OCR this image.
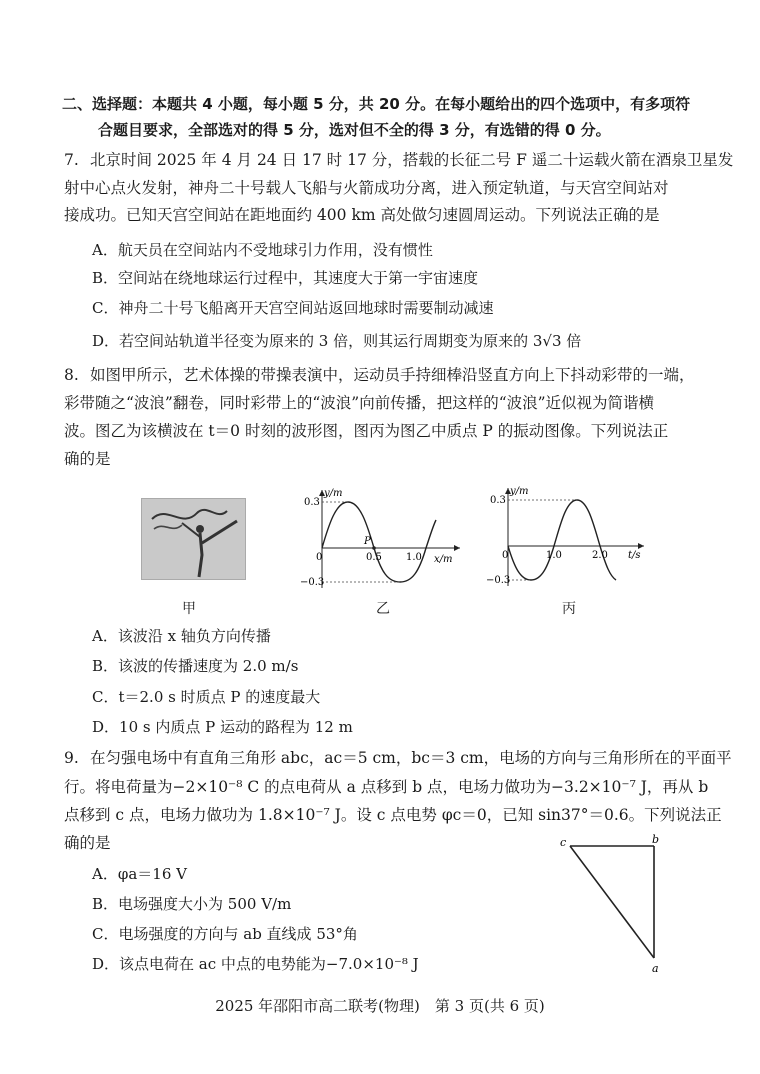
二、选择题：本题共 4 小题，每小题 5 分，共 20 分。在每小题给出的四个选项中，有多项符
合题目要求，全部选对的得 5 分，选对但不全的得 3 分，有选错的得 0 分。
7. 北京时间 2025 年 4 月 24 日 17 时 17 分，搭载的长征二号 F 遥二十运载火箭在酒泉卫星发
射中心点火发射，神舟二十号载人飞船与火箭成功分离，进入预定轨道，与天宫空间站对
接成功。已知天宫空间站在距地面约 400 km 高处做匀速圆周运动。下列说法正确的是
A．航天员在空间站内不受地球引力作用，没有惯性
B．空间站在绕地球运行过程中，其速度大于第一宇宙速度
C．神舟二十号飞船离开天宫空间站返回地球时需要制动减速
D．若空间站轨道半径变为原来的 3 倍，则其运行周期变为原来的 3√3 倍
8. 如图甲所示，艺术体操的带操表演中，运动员手持细棒沿竖直方向上下抖动彩带的一端，
彩带随之“波浪”翻卷，同时彩带上的“波浪”向前传播，把这样的“波浪”近似视为简谐横
波。图乙为该横波在 t＝0 时刻的波形图，图丙为图乙中质点 P 的振动图像。下列说法正
确的是
甲
0.3
−0.3
y/m
x/m
0	0.5 1.0
P
乙
0.3
−0.3
y/m
t/s
0	1.0	2.0
丙
A．该波沿 x 轴负方向传播
B．该波的传播速度为 2.0 m/s
C．t＝2.0 s 时质点 P 的速度最大
D．10 s 内质点 P 运动的路程为 12 m
9. 在匀强电场中有直角三角形 abc，ac＝5 cm，bc＝3 cm，电场的方向与三角形所在的平面平
行。将电荷量为−2×10⁻⁸ C 的点电荷从 a 点移到 b 点，电场力做功为−3.2×10⁻⁷ J，再从 b
点移到 c 点，电场力做功为 1.8×10⁻⁷ J。设 c 点电势 φc＝0，已知 sin37°＝0.6。下列说法正
确的是	c	b
a
A．φa＝16 V
B．电场强度大小为 500 V/m
C．电场强度的方向与 ab 直线成 53°角
D．该点电荷在 ac 中点的电势能为−7.0×10⁻⁸ J
2025 年邵阳市高二联考(物理)　第 3 页(共 6 页)
